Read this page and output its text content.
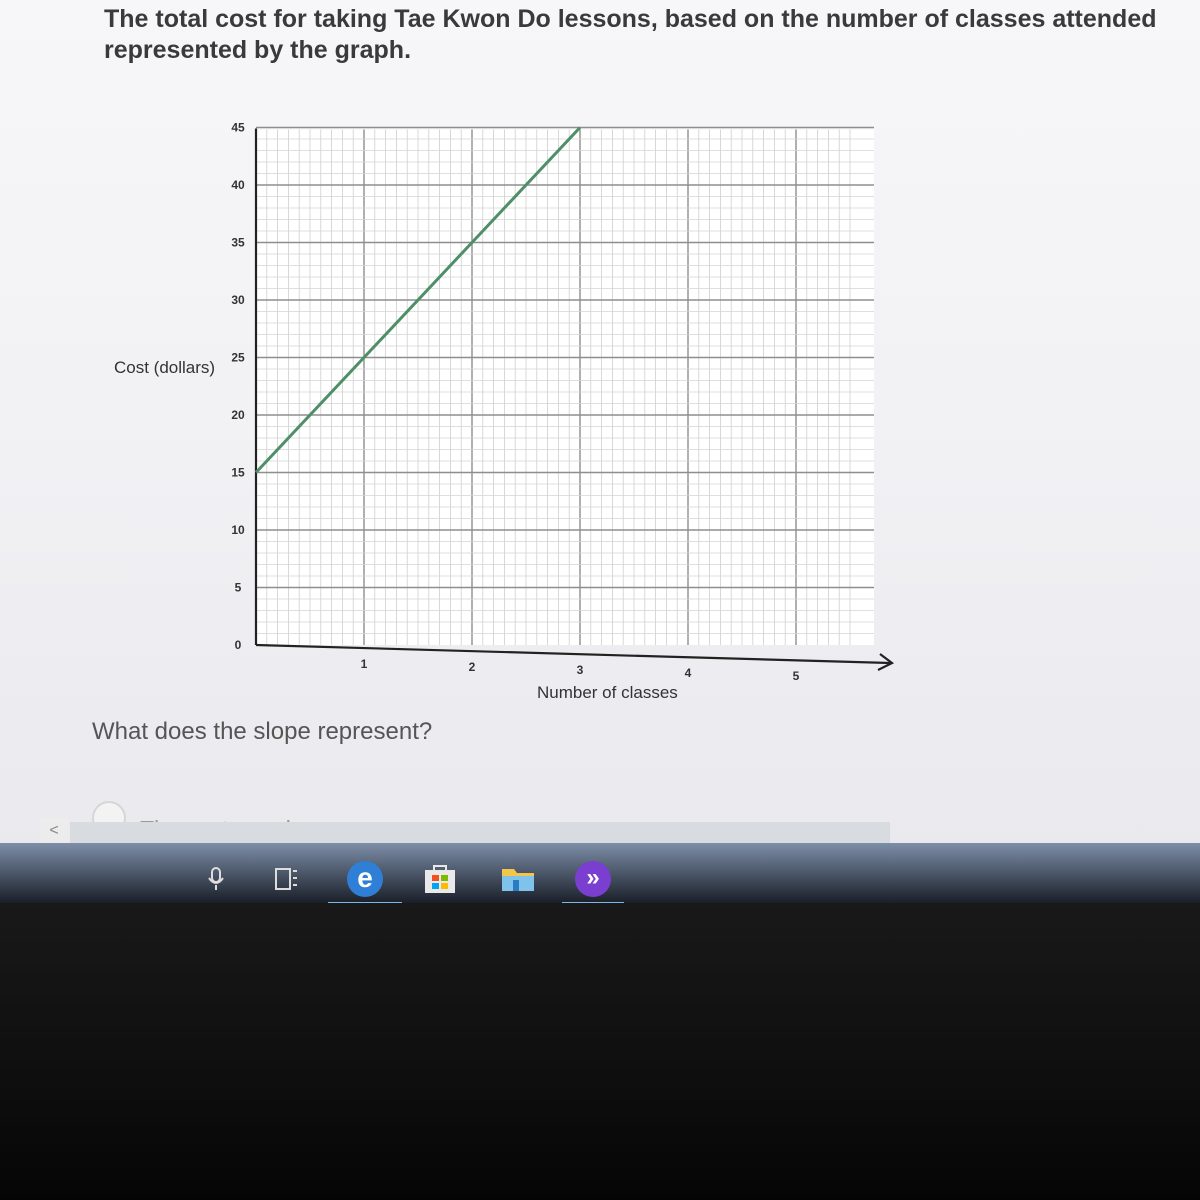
The total cost for taking Tae Kwon Do lessons, based on the number of classes attended
represented by the graph.
0
5
10
15
20
25
30
35
40
45
1	2	3	4	5
Cost (dollars)
Number of classes
What does the slope represent?
<
e	»
